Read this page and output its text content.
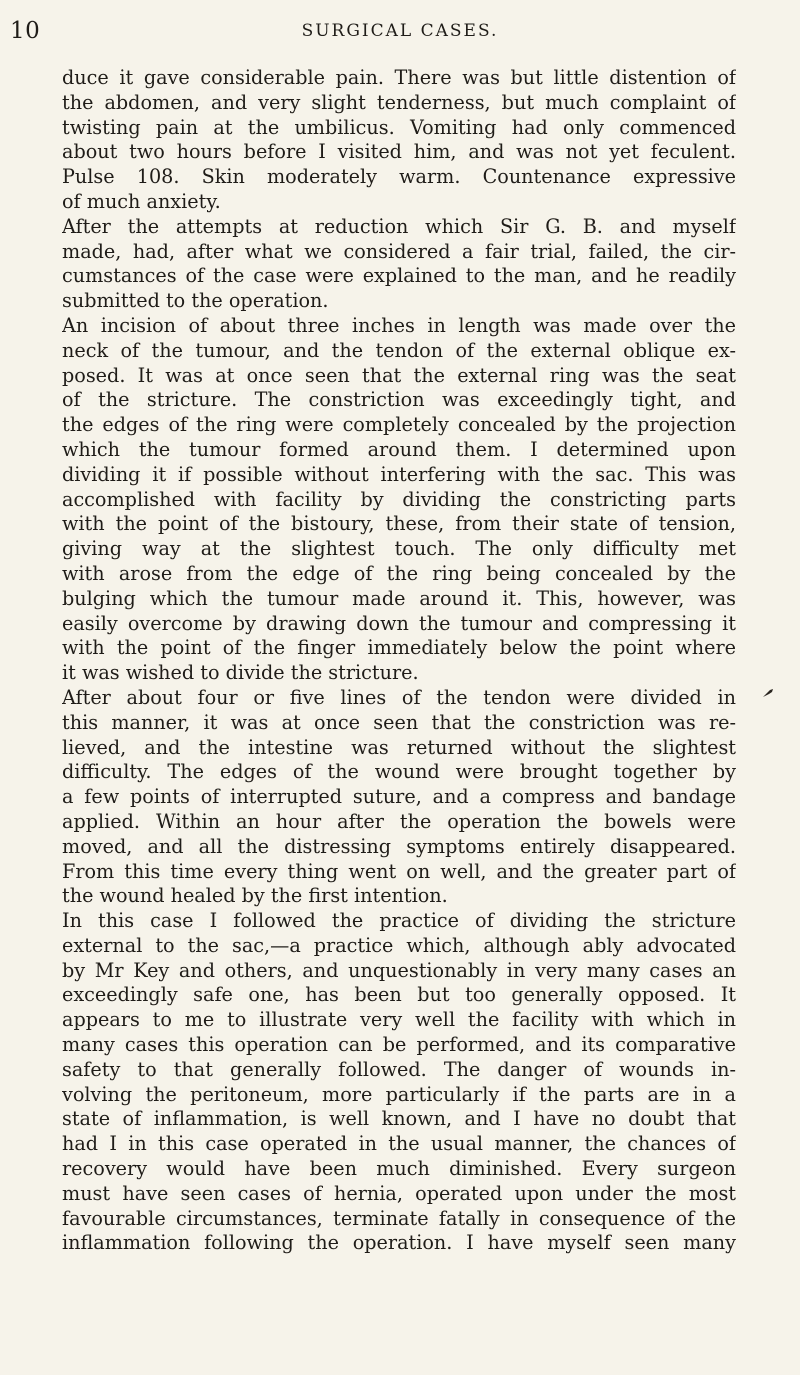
10	SURGICAL CASES.

duce it gave considerable pain. There was but little distention of

the abdomen, and very slight tenderness, but much complaint of

twisting pain at the umbilicus. Vomiting had only commenced

about two hours before I visited him, and was not yet feculent.

Pulse 108. Skin moderately warm. Countenance expressive

of much anxiety.

After the attempts at reduction which Sir G. B. and myself

made, had, after what we considered a fair trial, failed, the cir-

cumstances of the case were explained to the man, and he readily

submitted to the operation.

An incision of about three inches in length was made over the

neck of the tumour, and the tendon of the external oblique ex-

posed. It was at once seen that the external ring was the seat

of the stricture. The constriction was exceedingly tight, and

the edges of the ring were completely concealed by the projection

which the tumour formed around them. I determined upon

dividing it if possible without interfering with the sac. This was

accomplished with facility by dividing the constricting parts

with the point of the bistoury, these, from their state of tension,

giving way at the slightest touch. The only difficulty met

with arose from the edge of the ring being concealed by the

bulging which the tumour made around it. This, however, was

easily overcome by drawing down the tumour and compressing it

with the point of the finger immediately below the point where

it was wished to divide the stricture.

After about four or five lines of the tendon were divided in

this manner, it was at once seen that the constriction was re-

lieved, and the intestine was returned without the slightest

difficulty. The edges of the wound were brought together by

a few points of interrupted suture, and a compress and bandage

applied. Within an hour after the operation the bowels were

moved, and all the distressing symptoms entirely disappeared.

From this time every thing went on well, and the greater part of

the wound healed by the first intention.

In this case I followed the practice of dividing the stricture

external to the sac,—a practice which, although ably advocated

by Mr Key and others, and unquestionably in very many cases an

exceedingly safe one, has been but too generally opposed. It

appears to me to illustrate very well the facility with which in

many cases this operation can be performed, and its comparative

safety to that generally followed. The danger of wounds in-

volving the peritoneum, more particularly if the parts are in a

state of inflammation, is well known, and I have no doubt that

had I in this case operated in the usual manner, the chances of

recovery would have been much diminished. Every surgeon

must have seen cases of hernia, operated upon under the most

favourable circumstances, terminate fatally in consequence of the

inflammation following the operation. I have myself seen many
